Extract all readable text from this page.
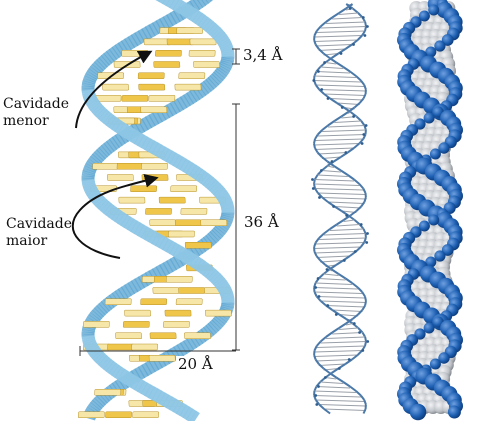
Cavidade
menor
Cavidade
maior
3,4 Å
36 Å
20 Å
